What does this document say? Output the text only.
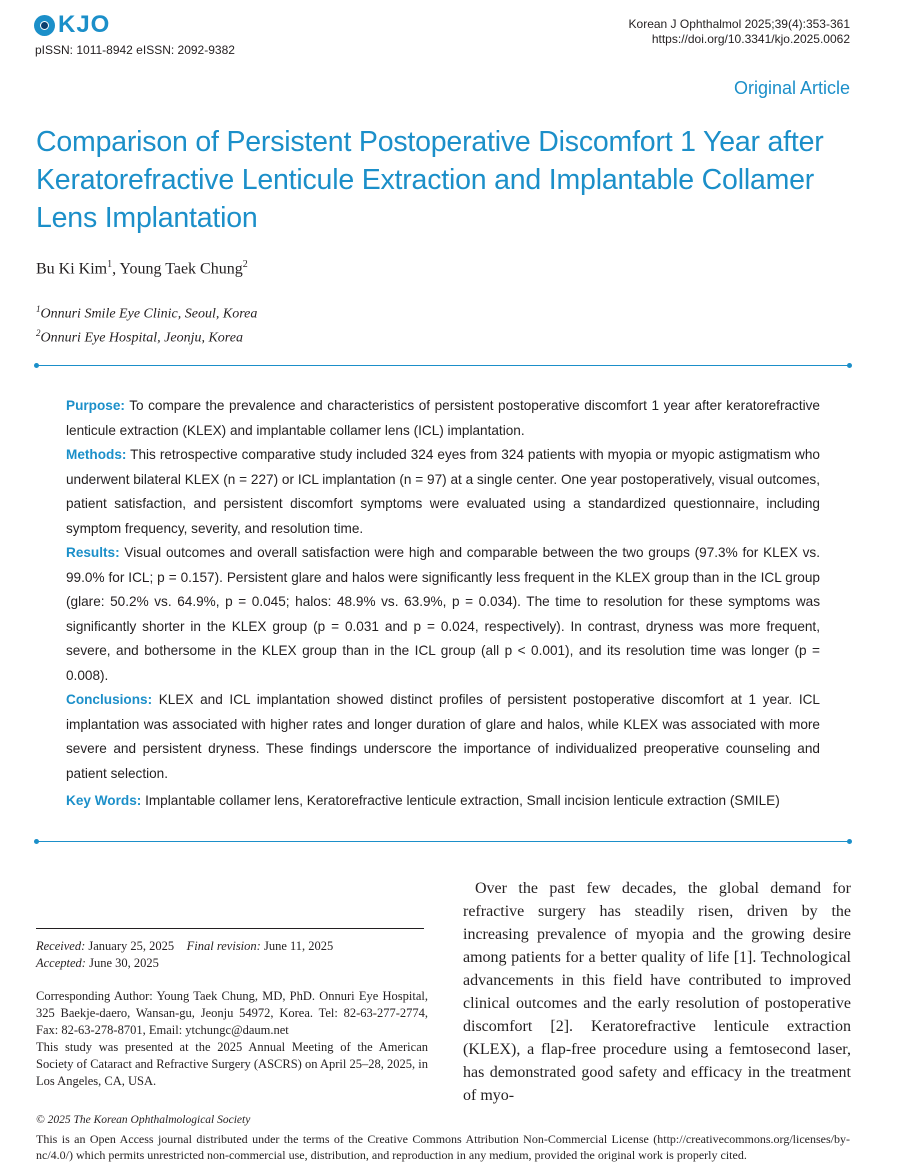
KJO
pISSN: 1011-8942 eISSN: 2092-9382
Korean J Ophthalmol 2025;39(4):353-361
https://doi.org/10.3341/kjo.2025.0062
Original Article
Comparison of Persistent Postoperative Discomfort 1 Year after Keratorefractive Lenticule Extraction and Implantable Collamer Lens Implantation
Bu Ki Kim$^1$, Young Taek Chung$^2$
$^1$Onnuri Smile Eye Clinic, Seoul, Korea
$^2$Onnuri Eye Hospital, Jeonju, Korea

Purpose: To compare the prevalence and characteristics of persistent postoperative discomfort 1 year after keratorefractive lenticule extraction (KLEX) and implantable collamer lens (ICL) implantation.

Methods: This retrospective comparative study included 324 eyes from 324 patients with myopia or myopic astigmatism who underwent bilateral KLEX (n = 227) or ICL implantation (n = 97) at a single center. One year postoperatively, visual outcomes, patient satisfaction, and persistent discomfort symptoms were evaluated using a standardized questionnaire, including symptom frequency, severity, and resolution time.

Results: Visual outcomes and overall satisfaction were high and comparable between the two groups (97.3% for KLEX vs. 99.0% for ICL; p = 0.157). Persistent glare and halos were significantly less frequent in the KLEX group than in the ICL group (glare: 50.2% vs. 64.9%, p = 0.045; halos: 48.9% vs. 63.9%, p = 0.034). The time to resolution for these symptoms was significantly shorter in the KLEX group (p = 0.031 and p = 0.024, respectively). In contrast, dryness was more frequent, severe, and bothersome in the KLEX group than in the ICL group (all p < 0.001), and its resolution time was longer (p = 0.008).

Conclusions: KLEX and ICL implantation showed distinct profiles of persistent postoperative discomfort at 1 year. ICL implantation was associated with higher rates and longer duration of glare and halos, while KLEX was associated with more severe and persistent dryness. These findings underscore the importance of individualized preoperative counseling and patient selection.

Key Words: Implantable collamer lens, Keratorefractive lenticule extraction, Small incision lenticule extraction (SMILE)
Received: January 25, 2025 Final revision: June 11, 2025
Accepted: June 30, 2025
Corresponding Author: Young Taek Chung, MD, PhD. Onnuri Eye Hospital, 325 Baekje-daero, Wansan-gu, Jeonju 54972, Korea. Tel: 82-63-277-2774, Fax: 82-63-278-8701, Email: ytchungc@daum.net
This study was presented at the 2025 Annual Meeting of the American Society of Cataract and Refractive Surgery (ASCRS) on April 25–28, 2025, in Los Angeles, CA, USA.

Over the past few decades, the global demand for refractive surgery has steadily risen, driven by the increasing prevalence of myopia and the growing desire among patients for a better quality of life [1]. Technological advancements in this field have contributed to improved clinical outcomes and the early resolution of postoperative discomfort [2]. Keratorefractive lenticule extraction (KLEX), a flap-free procedure using a femtosecond laser, has demonstrated good safety and efficacy in the treatment of myo-

© 2025 The Korean Ophthalmological Society
This is an Open Access journal distributed under the terms of the Creative Commons Attribution Non-Commercial License (http://creativecommons.org/licenses/by-nc/4.0/) which permits unrestricted non-commercial use, distribution, and reproduction in any medium, provided the original work is properly cited.
